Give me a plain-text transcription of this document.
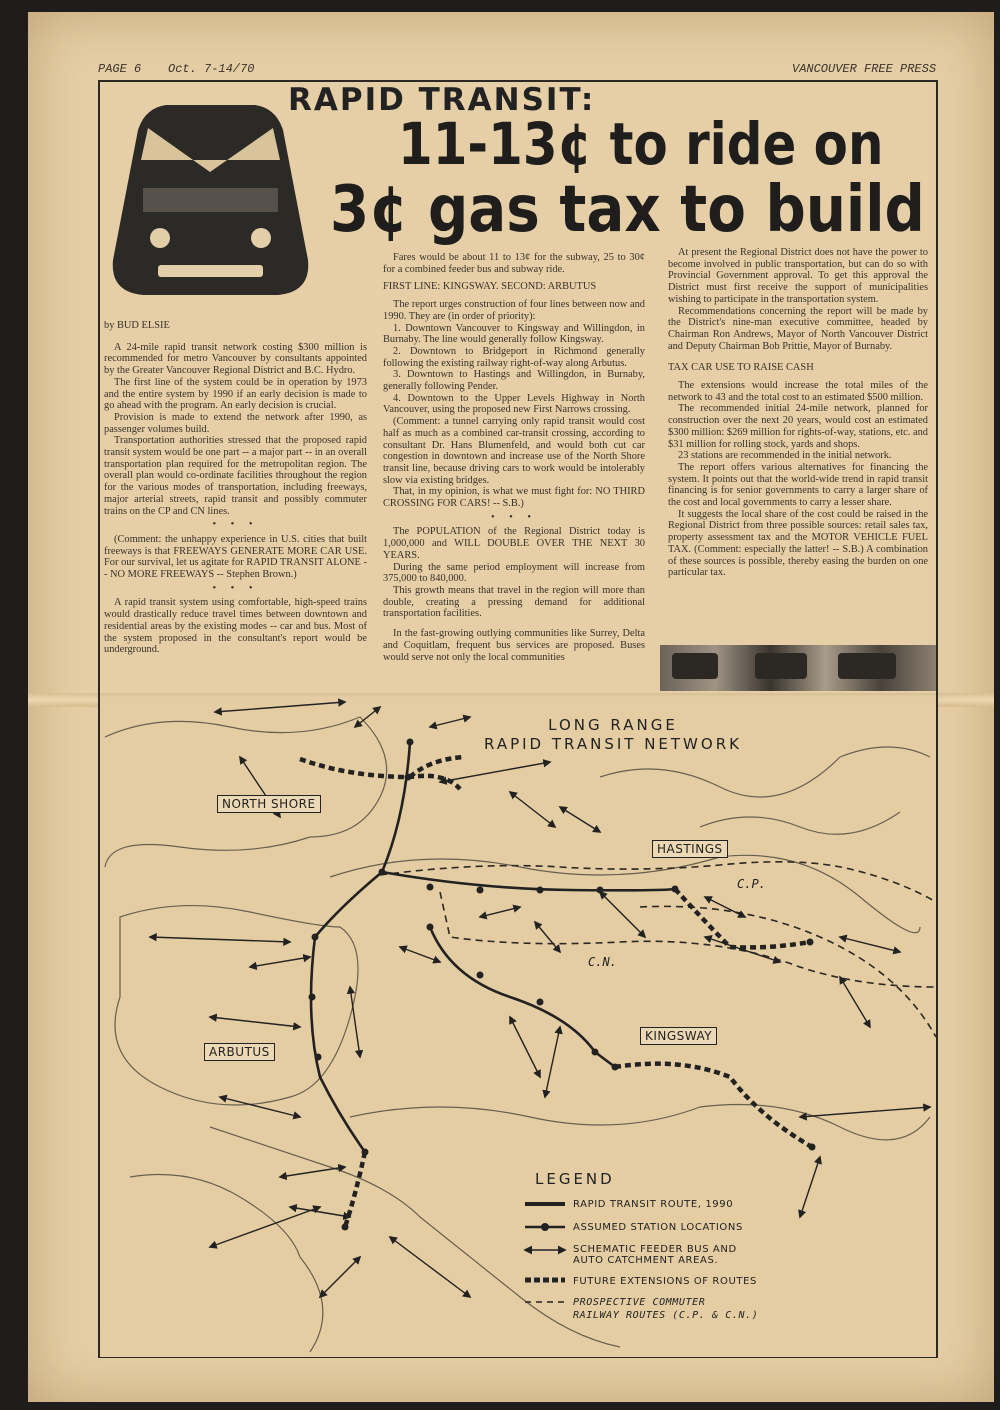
PAGE 6 Oct. 7-14/70	VANCOUVER FREE PRESS
RAPID TRANSIT:
11-13¢ to ride on
3¢ gas tax to build

by BUD ELSIE

A 24-mile rapid transit network costing $300 million is recommended for metro Vancouver by consultants appointed by the Greater Vancouver Regional District and B.C. Hydro.

The first line of the system could be in operation by 1973 and the entire system by 1990 if an early decision is made to go ahead with the program. An early decision is crucial.

Provision is made to extend the network after 1990, as passenger volumes build.

Transportation authorities stressed that the proposed rapid transit system would be one part -- a major part -- in an overall transportation plan required for the metropolitan region. The overall plan would co-ordinate facilities throughout the region for the various modes of transportation, including freeways, major arterial streets, rapid transit and possibly commuter trains on the CP and CN lines.

• • •

(Comment: the unhappy experience in U.S. cities that built freeways is that FREEWAYS GENERATE MORE CAR USE. For our survival, let us agitate for RAPID TRANSIT ALONE -- NO MORE FREEWAYS -- Stephen Brown.)

• • •

A rapid transit system using comfortable, high-speed trains would drastically reduce travel times between downtown and residential areas by the existing modes -- car and bus. Most of the system proposed in the consultant's report would be underground.

Fares would be about 11 to 13¢ for the subway, 25 to 30¢ for a combined feeder bus and subway ride.

FIRST LINE: KINGSWAY. SECOND: ARBUTUS

The report urges construction of four lines between now and 1990. They are (in order of priority):

1. Downtown Vancouver to Kingsway and Willingdon, in Burnaby. The line would generally follow Kingsway.

2. Downtown to Bridgeport in Richmond generally following the existing railway right-of-way along Arbutus.

3. Downtown to Hastings and Willingdon, in Burnaby, generally following Pender.

4. Downtown to the Upper Levels Highway in North Vancouver, using the proposed new First Narrows crossing.

(Comment: a tunnel carrying only rapid transit would cost half as much as a combined car-transit crossing, according to consultant Dr. Hans Blumenfeld, and would both cut car congestion in downtown and increase use of the North Shore transit line, because driving cars to work would be intolerably slow via existing bridges.

That, in my opinion, is what we must fight for: NO THIRD CROSSING FOR CARS! -- S.B.)

• • •

The POPULATION of the Regional District today is 1,000,000 and WILL DOUBLE OVER THE NEXT 30 YEARS.

During the same period employment will increase from 375,000 to 840,000.

This growth means that travel in the region will more than double, creating a pressing demand for additional transportation facilities.

In the fast-growing outlying communities like Surrey, Delta and Coquitlam, frequent bus services are proposed. Buses would serve not only the local communities

At present the Regional District does not have the power to become involved in public transportation, but can do so with Provincial Government approval. To get this approval the District must first receive the support of municipalities wishing to participate in the transportation system.

Recommendations concerning the report will be made by the District's nine-man executive committee, headed by Chairman Ron Andrews, Mayor of North Vancouver District and Deputy Chairman Bob Prittie, Mayor of Burnaby.

TAX CAR USE TO RAISE CASH

The extensions would increase the total miles of the network to 43 and the total cost to an estimated $500 million.

The recommended initial 24-mile network, planned for construction over the next 20 years, would cost an estimated $300 million: $269 million for rights-of-way, stations, etc. and $31 million for rolling stock, yards and shops.

23 stations are recommended in the initial network.

The report offers various alternatives for financing the system. It points out that the world-wide trend in rapid transit financing is for senior governments to carry a larger share of the cost and local governments to carry a lesser share.

It suggests the local share of the cost could be raised in the Regional District from three possible sources: retail sales tax, property assessment tax and the MOTOR VEHICLE FUEL TAX. (Comment: especially the latter! -- S.B.) A combination of these sources is possible, thereby easing the burden on one particular tax.

LONG RANGE
RAPID TRANSIT NETWORK
NORTH SHORE
HASTINGS
KINGSWAY
ARBUTUS
C.P.
C.N.
LEGEND
RAPID TRANSIT ROUTE, 1990
ASSUMED STATION LOCATIONS
SCHEMATIC FEEDER BUS AND
AUTO CATCHMENT AREAS.
FUTURE EXTENSIONS OF ROUTES
PROSPECTIVE COMMUTER
RAILWAY ROUTES (C.P. & C.N.)
